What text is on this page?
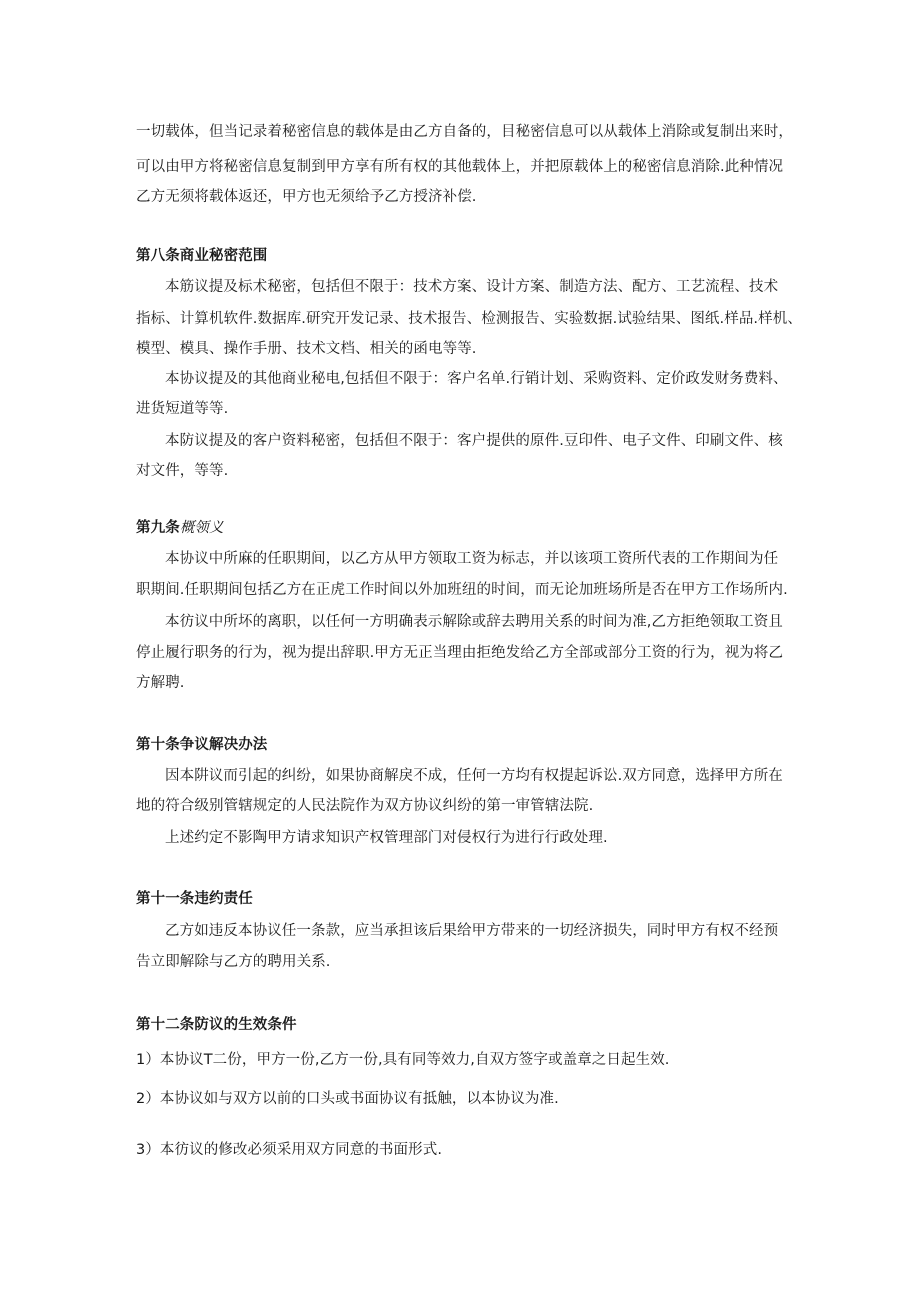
一切载体，但当记录着秘密信息的载体是由乙方自备的，目秘密信息可以从载体上消除或复制出来时，
可以由甲方将秘密信息复制到甲方享有所有权的其他载体上，并把原载体上的秘密信息消除.此种情况
乙方无须将载体返还，甲方也无须给予乙方授济补偿.
第八条商业秘密范围
本筋议提及标术秘密，包括但不限于：技术方案、设计方案、制造方法、配方、工艺流程、技术
指标、计算机软件.数据库.研究开发记录、技术报告、检测报告、实验数据.试验结果、图纸.样品.样机、
模型、模具、操作手册、技术文档、相关的函电等等.
本协议提及的其他商业秘电,包括但不限于：客户名单.行销计划、采购资料、定价政发财务费料、
进货短道等等.
本防议提及的客户资料秘密，包括但不限于：客户提供的原件.豆印件、电子文件、印刷文件、核
对文件，等等.
第九条概领义
本协议中所麻的任职期间，以乙方从甲方领取工资为标志，并以该项工资所代表的工作期间为任
职期间.任职期间包括乙方在正虎工作时间以外加班纽的时间，而无论加班场所是否在甲方工作场所内.
本彷议中所坏的离职，以任何一方明确表示解除或辞去聘用关系的时间为准,乙方拒绝领取工资且
停止履行职务的行为，视为提出辞职.甲方无正当理由拒绝发给乙方全部或部分工资的行为，视为将乙
方解聘.
第十条争议解决办法
因本阱议而引起的纠纷，如果协商解戾不成，任何一方均有权提起诉讼.双方同意，选择甲方所在
地的符合级别管辖规定的人民法院作为双方协议纠纷的第一审管辖法院.
上述约定不影陶甲方请求知识产权管理部门对侵权行为进行行政处理.
第十一条违约责任
乙方如违反本协议任一条款，应当承担该后果给甲方带来的一切经济损失，同时甲方有权不经预
告立即解除与乙方的聘用关系.
第十二条防议的生效条件
1）本协议T二份，甲方一份,乙方一份,具有同等效力,自双方签字或盖章之日起生效.
2）本协议如与双方以前的口头或书面协议有抵触，以本协议为准.
3）本彷议的修改必须采用双方同意的书面形式.
